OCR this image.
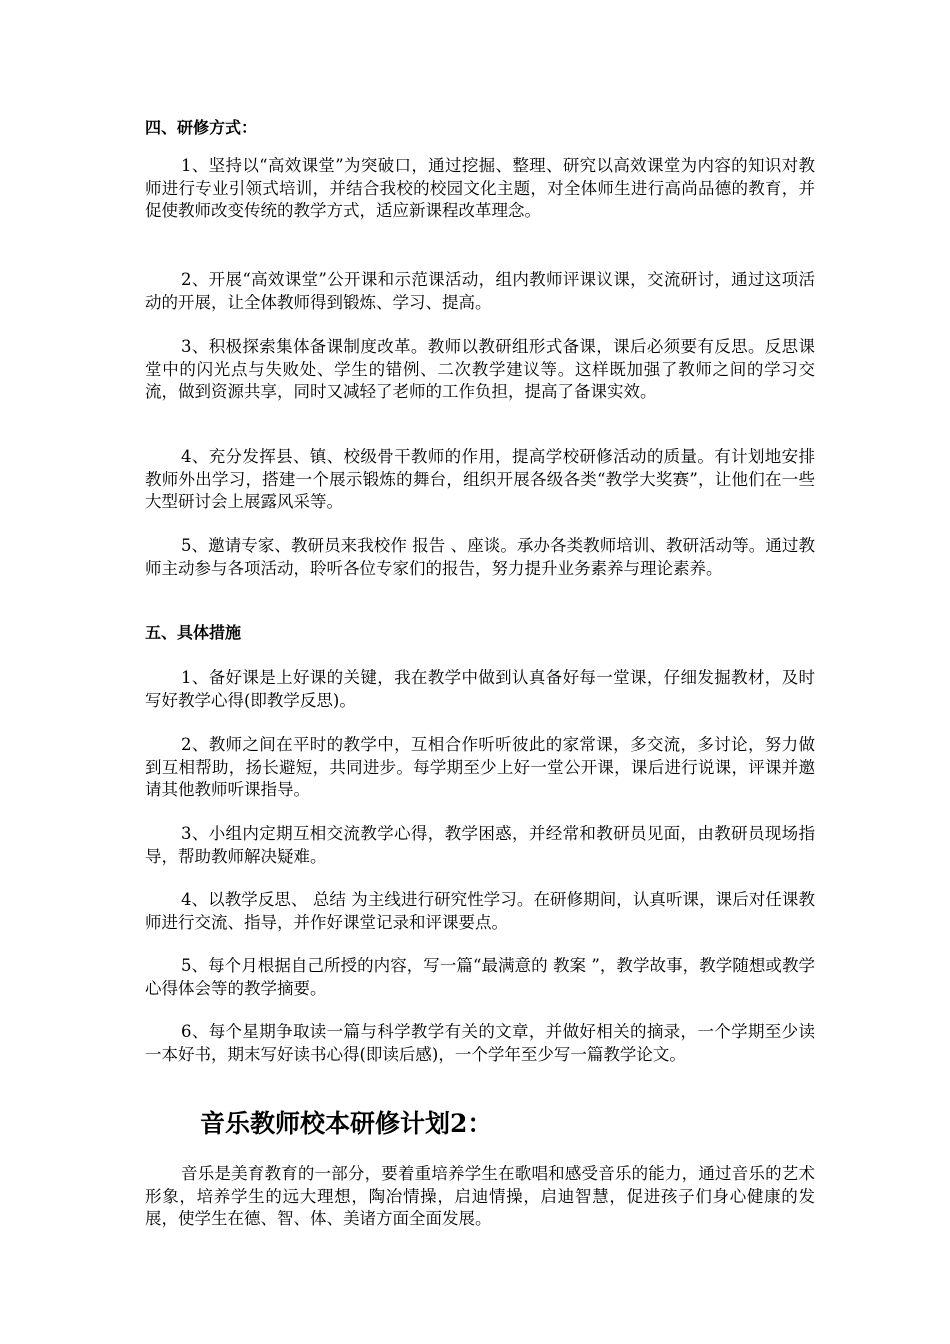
四、研修方式：

1、坚持以“高效课堂”为突破口，通过挖掘、整理、研究以高效课堂为内容的知识对教师进行专业引领式培训，并结合我校的校园文化主题，对全体师生进行高尚品德的教育，并促使教师改变传统的教学方式，适应新课程改革理念。

2、开展“高效课堂”公开课和示范课活动，组内教师评课议课，交流研讨，通过这项活动的开展，让全体教师得到锻炼、学习、提高。

3、积极探索集体备课制度改革。教师以教研组形式备课，课后必须要有反思。反思课堂中的闪光点与失败处、学生的错例、二次教学建议等。这样既加强了教师之间的学习交流，做到资源共享，同时又减轻了老师的工作负担，提高了备课实效。

4、充分发挥县、镇、校级骨干教师的作用，提高学校研修活动的质量。有计划地安排教师外出学习，搭建一个展示锻炼的舞台，组织开展各级各类“教学大奖赛”，让他们在一些大型研讨会上展露风采等。

5、邀请专家、教研员来我校作 报告 、座谈。承办各类教师培训、教研活动等。通过教师主动参与各项活动，聆听各位专家们的报告，努力提升业务素养与理论素养。

五、具体措施

1、备好课是上好课的关键，我在教学中做到认真备好每一堂课，仔细发掘教材，及时写好教学心得(即教学反思)。

2、教师之间在平时的教学中，互相合作听听彼此的家常课，多交流，多讨论，努力做到互相帮助，扬长避短，共同进步。每学期至少上好一堂公开课，课后进行说课，评课并邀请其他教师听课指导。

3、小组内定期互相交流教学心得，教学困惑，并经常和教研员见面，由教研员现场指导，帮助教师解决疑难。

4、以教学反思、 总结 为主线进行研究性学习。在研修期间，认真听课，课后对任课教师进行交流、指导，并作好课堂记录和评课要点。

5、每个月根据自己所授的内容，写一篇“最满意的 教案 ”，教学故事，教学随想或教学心得体会等的教学摘要。

6、每个星期争取读一篇与科学教学有关的文章，并做好相关的摘录，一个学期至少读一本好书，期末写好读书心得(即读后感)，一个学年至少写一篇教学论文。

音乐教师校本研修计划2：

音乐是美育教育的一部分，要着重培养学生在歌唱和感受音乐的能力，通过音乐的艺术形象，培养学生的远大理想，陶冶情操，启迪情操，启迪智慧，促进孩子们身心健康的发展，使学生在德、智、体、美诸方面全面发展。
